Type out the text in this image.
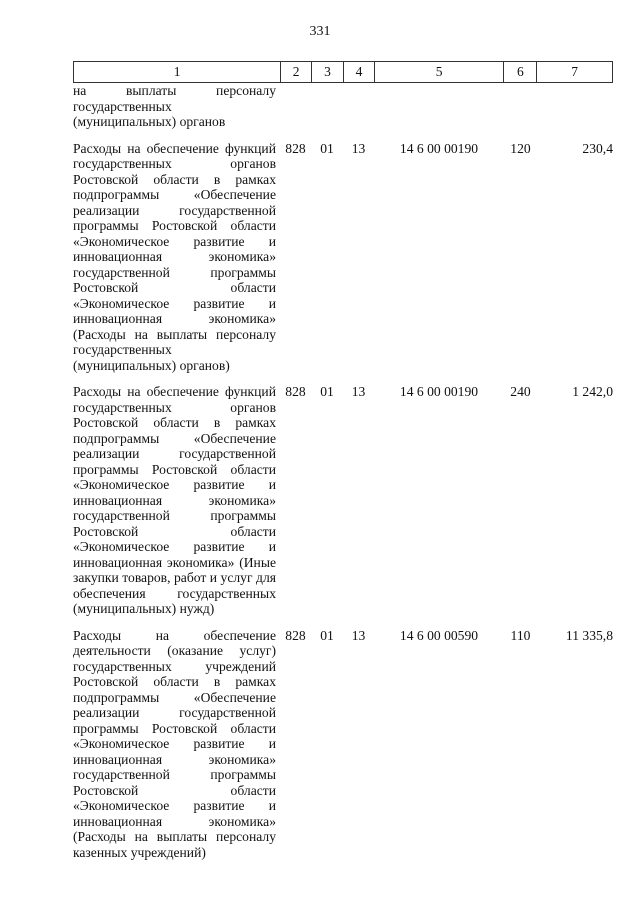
331
1	2	3	4	5	6	7
на выплаты персоналу государственных (муниципальных) органов
Расходы на обеспечение функций государственных органов Ростовской области в рамках подпрограммы «Обеспечение реализации государственной программы Ростовской области «Экономическое развитие и инновационная экономика» государственной программы Ростовской области «Экономическое развитие и инновационная экономика» (Расходы на выплаты персоналу государственных (муниципальных) органов)
828	01	13	14 6 00 00190	120	230,4
Расходы на обеспечение функций государственных органов Ростовской области в рамках подпрограммы «Обеспечение реализации государственной программы Ростовской области «Экономическое развитие и инновационная экономика» государственной программы Ростовской области «Экономическое развитие и инновационная экономика» (Иные закупки товаров, работ и услуг для обеспечения государственных (муниципальных) нужд)
828	01	13	14 6 00 00190	240	1 242,0
Расходы на обеспечение деятельности (оказание услуг) государственных учреждений Ростовской области в рамках подпрограммы «Обеспечение реализации государственной программы Ростовской области «Экономическое развитие и инновационная экономика» государственной программы Ростовской области «Экономическое развитие и инновационная экономика» (Расходы на выплаты персоналу казенных учреждений)
828	01	13	14 6 00 00590	110	11 335,8
